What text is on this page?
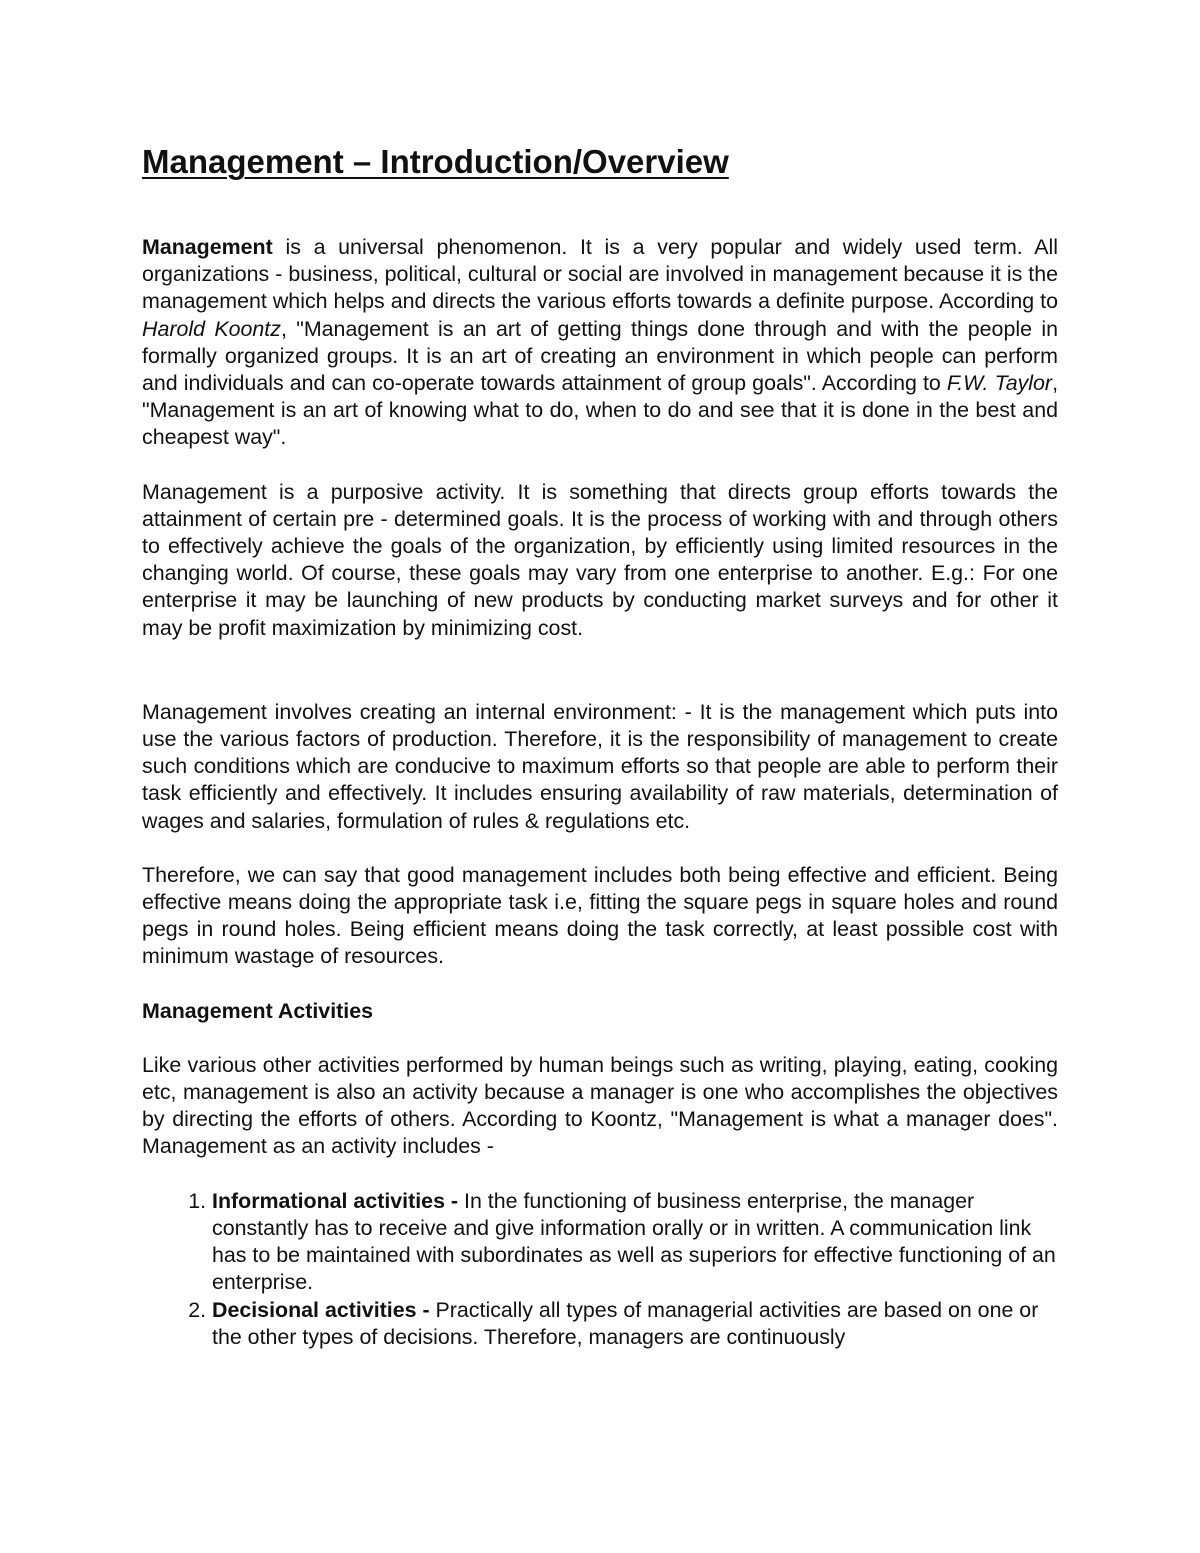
Management – Introduction/Overview

Management is a universal phenomenon. It is a very popular and widely used term. All organizations - business, political, cultural or social are involved in management because it is the management which helps and directs the various efforts towards a definite purpose. According to Harold Koontz, "Management is an art of getting things done through and with the people in formally organized groups. It is an art of creating an environment in which people can perform and individuals and can co-operate towards attainment of group goals". According to F.W. Taylor, "Management is an art of knowing what to do, when to do and see that it is done in the best and cheapest way".

Management is a purposive activity. It is something that directs group efforts towards the attainment of certain pre - determined goals. It is the process of working with and through others to effectively achieve the goals of the organization, by efficiently using limited resources in the changing world. Of course, these goals may vary from one enterprise to another. E.g.: For one enterprise it may be launching of new products by conducting market surveys and for other it may be profit maximization by minimizing cost.

Management involves creating an internal environment: - It is the management which puts into use the various factors of production. Therefore, it is the responsibility of management to create such conditions which are conducive to maximum efforts so that people are able to perform their task efficiently and effectively. It includes ensuring availability of raw materials, determination of wages and salaries, formulation of rules & regulations etc.

Therefore, we can say that good management includes both being effective and efficient. Being effective means doing the appropriate task i.e, fitting the square pegs in square holes and round pegs in round holes. Being efficient means doing the task correctly, at least possible cost with minimum wastage of resources.

Management Activities

Like various other activities performed by human beings such as writing, playing, eating, cooking etc, management is also an activity because a manager is one who accomplishes the objectives by directing the efforts of others. According to Koontz, "Management is what a manager does". Management as an activity includes -

1. Informational activities - In the functioning of business enterprise, the manager constantly has to receive and give information orally or in written. A communication link has to be maintained with subordinates as well as superiors for effective functioning of an enterprise.
2. Decisional activities - Practically all types of managerial activities are based on one or the other types of decisions. Therefore, managers are continuously
